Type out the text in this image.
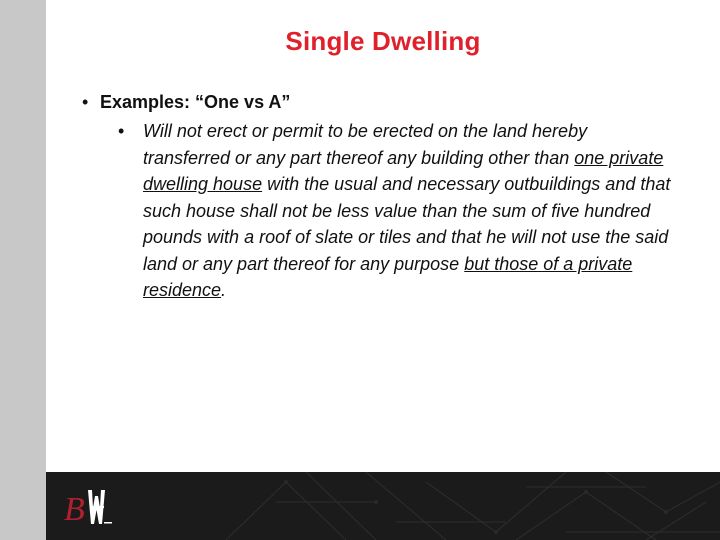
Single Dwelling
• Examples: “One vs A”
•	Will not erect or permit to be erected on the land hereby transferred or any part thereof any building other than one private dwelling house with the usual and necessary outbuildings and that such house shall not be less value than the sum of five hundred pounds with a roof of slate or tiles and that he will not use the said land or any part thereof for any purpose but those of a private residence.
B
